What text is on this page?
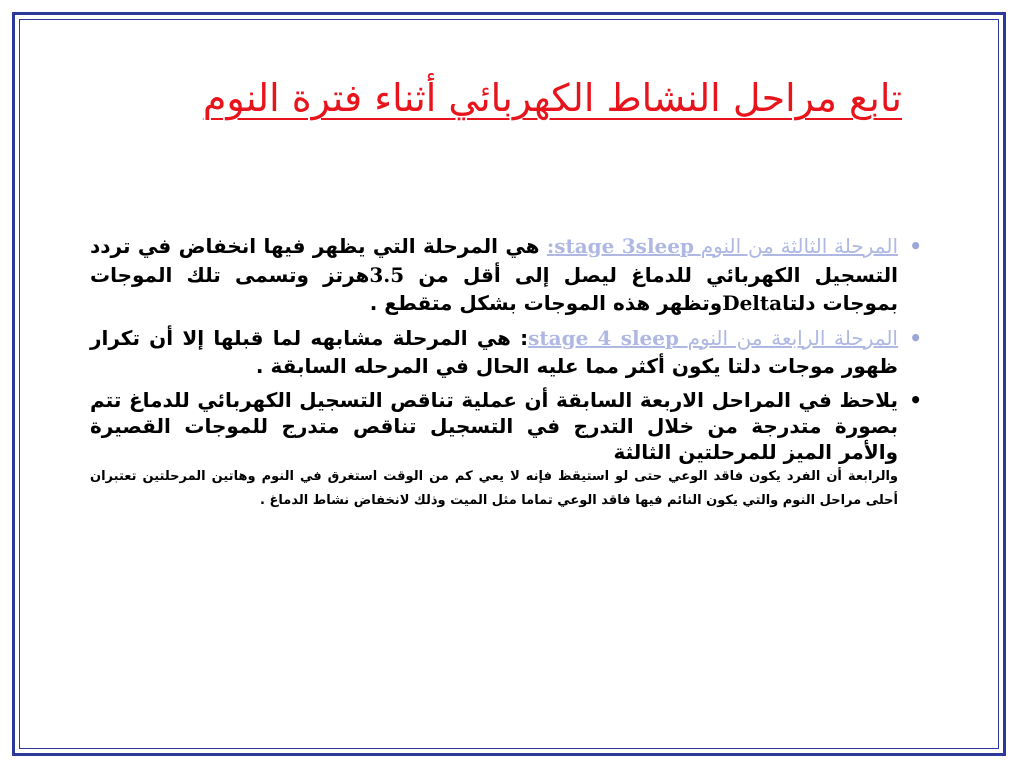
تابع مراحل النشاط الكهربائي أثناء فترة النوم
•
المرحلة الثالثة من النوم stage 3sleep: هي المرحلة التي يظهر فيها انخفاض في تردد التسجيل الكهربائي للدماغ ليصل إلى أقل من 3.5هرتز وتسمى تلك الموجات بموجات دلتاDeltaوتظهر هذه الموجات بشكل متقطع .
•
المرحلة الرابعة من النوم stage 4 sleep: هي المرحلة مشابهه لما قبلها إلا أن تكرار ظهور موجات دلتا يكون أكثر مما عليه الحال في المرحله السابقة .
•
يلاحظ في المراحل الاربعة السابقة أن عملية تناقص التسجيل الكهربائي للدماغ تتم بصورة متدرجة من خلال التدرج في التسجيل تناقص متدرج للموجات القصيرة والأمر الميز للمرحلتين الثالثة
والرابعة أن الفرد يكون فاقد الوعي حتى لو استيقظ فإنه لا يعي كم من الوقت استغرق في النوم وهاتين المرحلتين تعتبران أحلى مراحل النوم والتي يكون النائم فيها فاقد الوعي تماما مثل الميت وذلك لانخفاض نشاط الدماغ .
